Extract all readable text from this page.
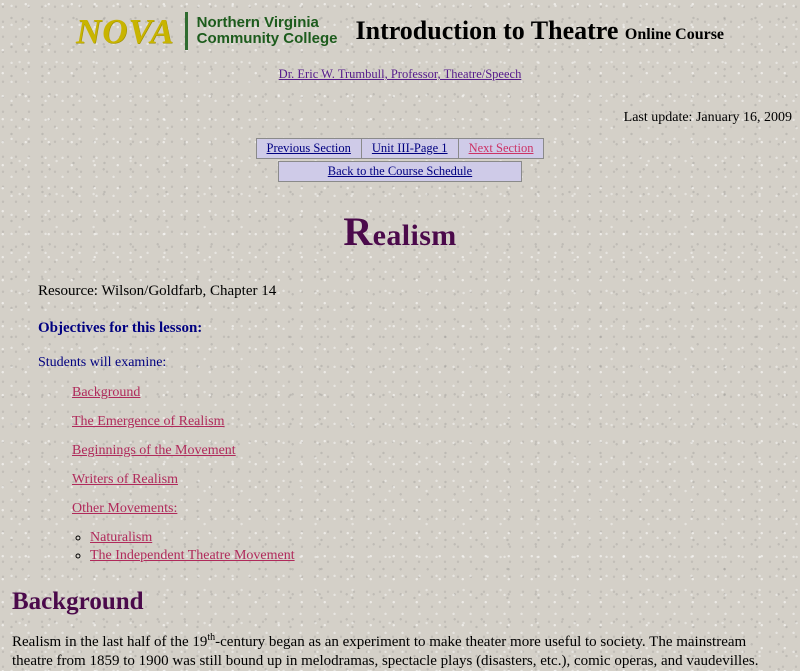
NOVA Northern Virginia
Community College Introduction to Theatre Online Course
Dr. Eric W. Trumbull, Professor, Theatre/Speech
Last update: January 16, 2009
Previous Section	Unit III-Page 1	Next Section
Back to the Course Schedule
Realism
Resource: Wilson/Goldfarb, Chapter 14
Objectives for this lesson:
Students will examine:
Background
The Emergence of Realism
Beginnings of the Movement
Writers of Realism
Other Movements:
◦ Naturalism
◦ The Independent Theatre Movement
Background
Realism in the last half of the 19th-century began as an experiment to make theater more useful to society. The mainstream theatre from 1859 to 1900 was still bound up in melodramas, spectacle plays (disasters, etc.), comic operas, and vaudevilles.
